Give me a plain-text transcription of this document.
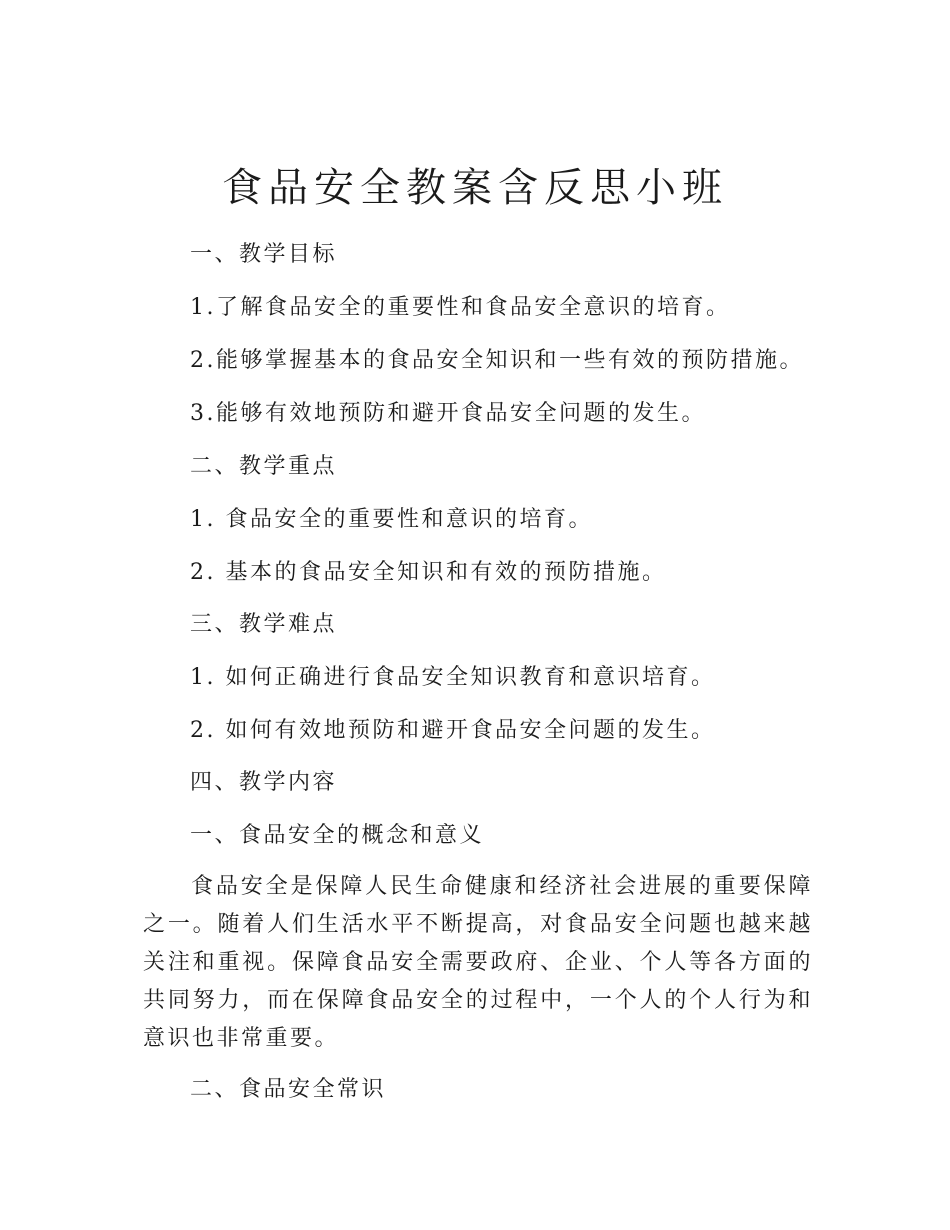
食品安全教案含反思小班

一、教学目标

1.了解食品安全的重要性和食品安全意识的培育。

2.能够掌握基本的食品安全知识和一些有效的预防措施。

3.能够有效地预防和避开食品安全问题的发生。

二、教学重点

1. 食品安全的重要性和意识的培育。

2. 基本的食品安全知识和有效的预防措施。

三、教学难点

1. 如何正确进行食品安全知识教育和意识培育。

2. 如何有效地预防和避开食品安全问题的发生。

四、教学内容

一、食品安全的概念和意义

食品安全是保障人民生命健康和经济社会进展的重要保障之一。随着人们生活水平不断提高，对食品安全问题也越来越关注和重视。保障食品安全需要政府、企业、个人等各方面的共同努力，而在保障食品安全的过程中，一个人的个人行为和意识也非常重要。

二、食品安全常识
